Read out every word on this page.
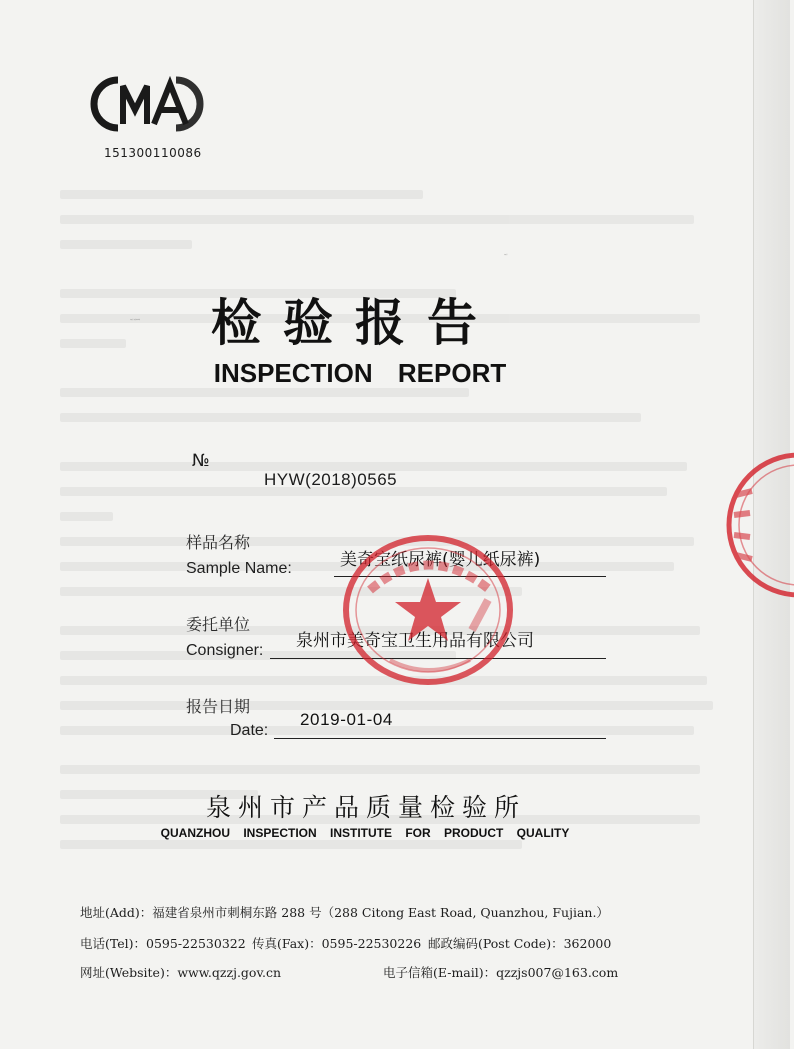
151300110086
检验报告
INSPECTION REPORT
№
HYW(2018)0565
样品名称
Sample Name:	美奇宝纸尿裤(婴儿纸尿裤)
委托单位
Consigner: 泉州市美奇宝卫生用品有限公司
报告日期
Date:
2019-01-04
泉州市产品质量检验所
泉州市产
泉州市产品质量检验所
QUANZHOU INSPECTION INSTITUTE FOR PRODUCT QUALITY
地址(Add)：福建省泉州市刺桐东路 288 号（288 Citong East Road, Quanzhou, Fujian.）
电话(Tel)：0595-22530322 传真(Fax)：0595-22530226 邮政编码(Post Code)：362000
网址(Website)：www.qzzj.gov.cn	电子信箱(E-mail)：qzzjs007@163.com
